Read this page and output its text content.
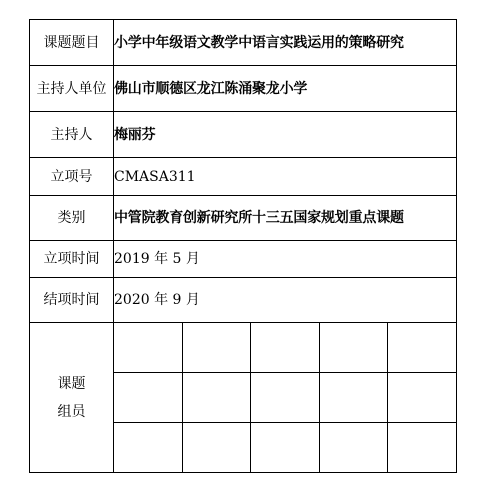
课题题目	小学中年级语文教学中语言实践运用的策略研究
主持人单位	佛山市顺德区龙江陈涌聚龙小学
主持人	梅丽芬
立项号	CMASA311
类别	中管院教育创新研究所十三五国家规划重点课题
立项时间	2019 年 5 月
结项时间	2020 年 9 月

课题
组员
